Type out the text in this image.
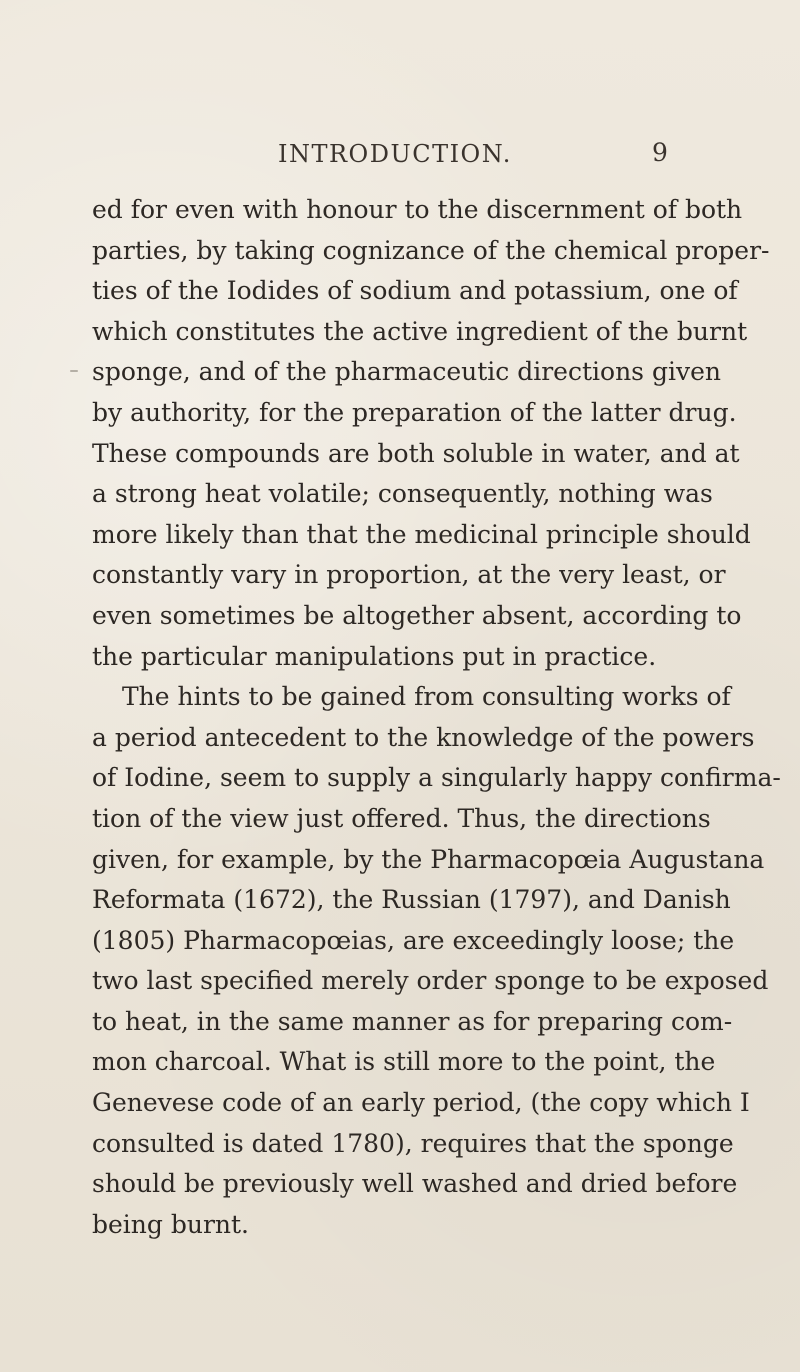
INTRODUCTION.	9
ed for even with honour to the discernment of both
parties, by taking cognizance of the chemical proper-
ties of the Iodides of sodium and potassium, one of
which constitutes the active ingredient of the burnt
sponge, and of the pharmaceutic directions given
by authority, for the preparation of the latter drug.
These compounds are both soluble in water, and at
a strong heat volatile; consequently, nothing was
more likely than that the medicinal principle should
constantly vary in proportion, at the very least, or
even sometimes be altogether absent, according to
the particular manipulations put in practice.
The hints to be gained from consulting works of
a period antecedent to the knowledge of the powers
of Iodine, seem to supply a singularly happy confirma-
tion of the view just offered. Thus, the directions
given, for example, by the Pharmacopœia Augustana
Reformata (1672), the Russian (1797), and Danish
(1805) Pharmacopœias, are exceedingly loose; the
two last specified merely order sponge to be exposed
to heat, in the same manner as for preparing com-
mon charcoal. What is still more to the point, the
Genevese code of an early period, (the copy which I
consulted is dated 1780), requires that the sponge
should be previously well washed and dried before
being burnt.
